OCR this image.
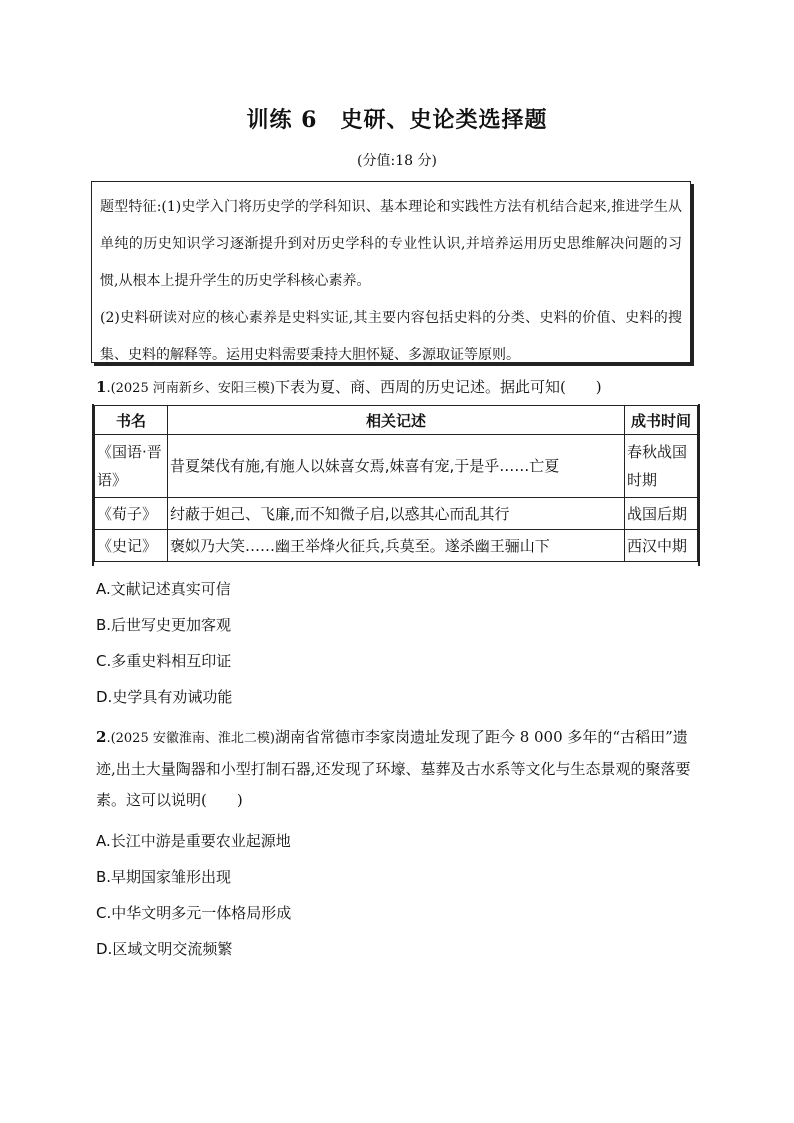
训练 6　史研、史论类选择题
(分值:18 分)

题型特征:(1)史学入门将历史学的学科知识、基本理论和实践性方法有机结合起来,推进学生从单纯的历史知识学习逐渐提升到对历史学科的专业性认识,并培养运用历史思维解决问题的习惯,从根本上提升学生的历史学科核心素养。

(2)史料研读对应的核心素养是史料实证,其主要内容包括史料的分类、史料的价值、史料的搜集、史料的解释等。运用史料需要秉持大胆怀疑、多源取证等原则。

1.(2025 河南新乡、安阳三模)下表为夏、商、西周的历史记述。据此可知(　　)
书名	相关记述	成书时间
《国语·晋语》	昔夏桀伐有施,有施人以妹喜女焉,妹喜有宠,于是乎……亡夏	春秋战国时期
《荀子》	纣蔽于妲己、飞廉,而不知微子启,以惑其心而乱其行	战国后期
《史记》	褒姒乃大笑……幽王举烽火征兵,兵莫至。遂杀幽王骊山下	西汉中期
A.文献记述真实可信
B.后世写史更加客观
C.多重史料相互印证
D.史学具有劝诫功能
2.(2025 安徽淮南、淮北二模)湖南省常德市李家岗遗址发现了距今 8 000 多年的“古稻田”遗迹,出土大量陶器和小型打制石器,还发现了环壕、墓葬及古水系等文化与生态景观的聚落要素。这可以说明(　　)
A.长江中游是重要农业起源地
B.早期国家雏形出现
C.中华文明多元一体格局形成
D.区域文明交流频繁
